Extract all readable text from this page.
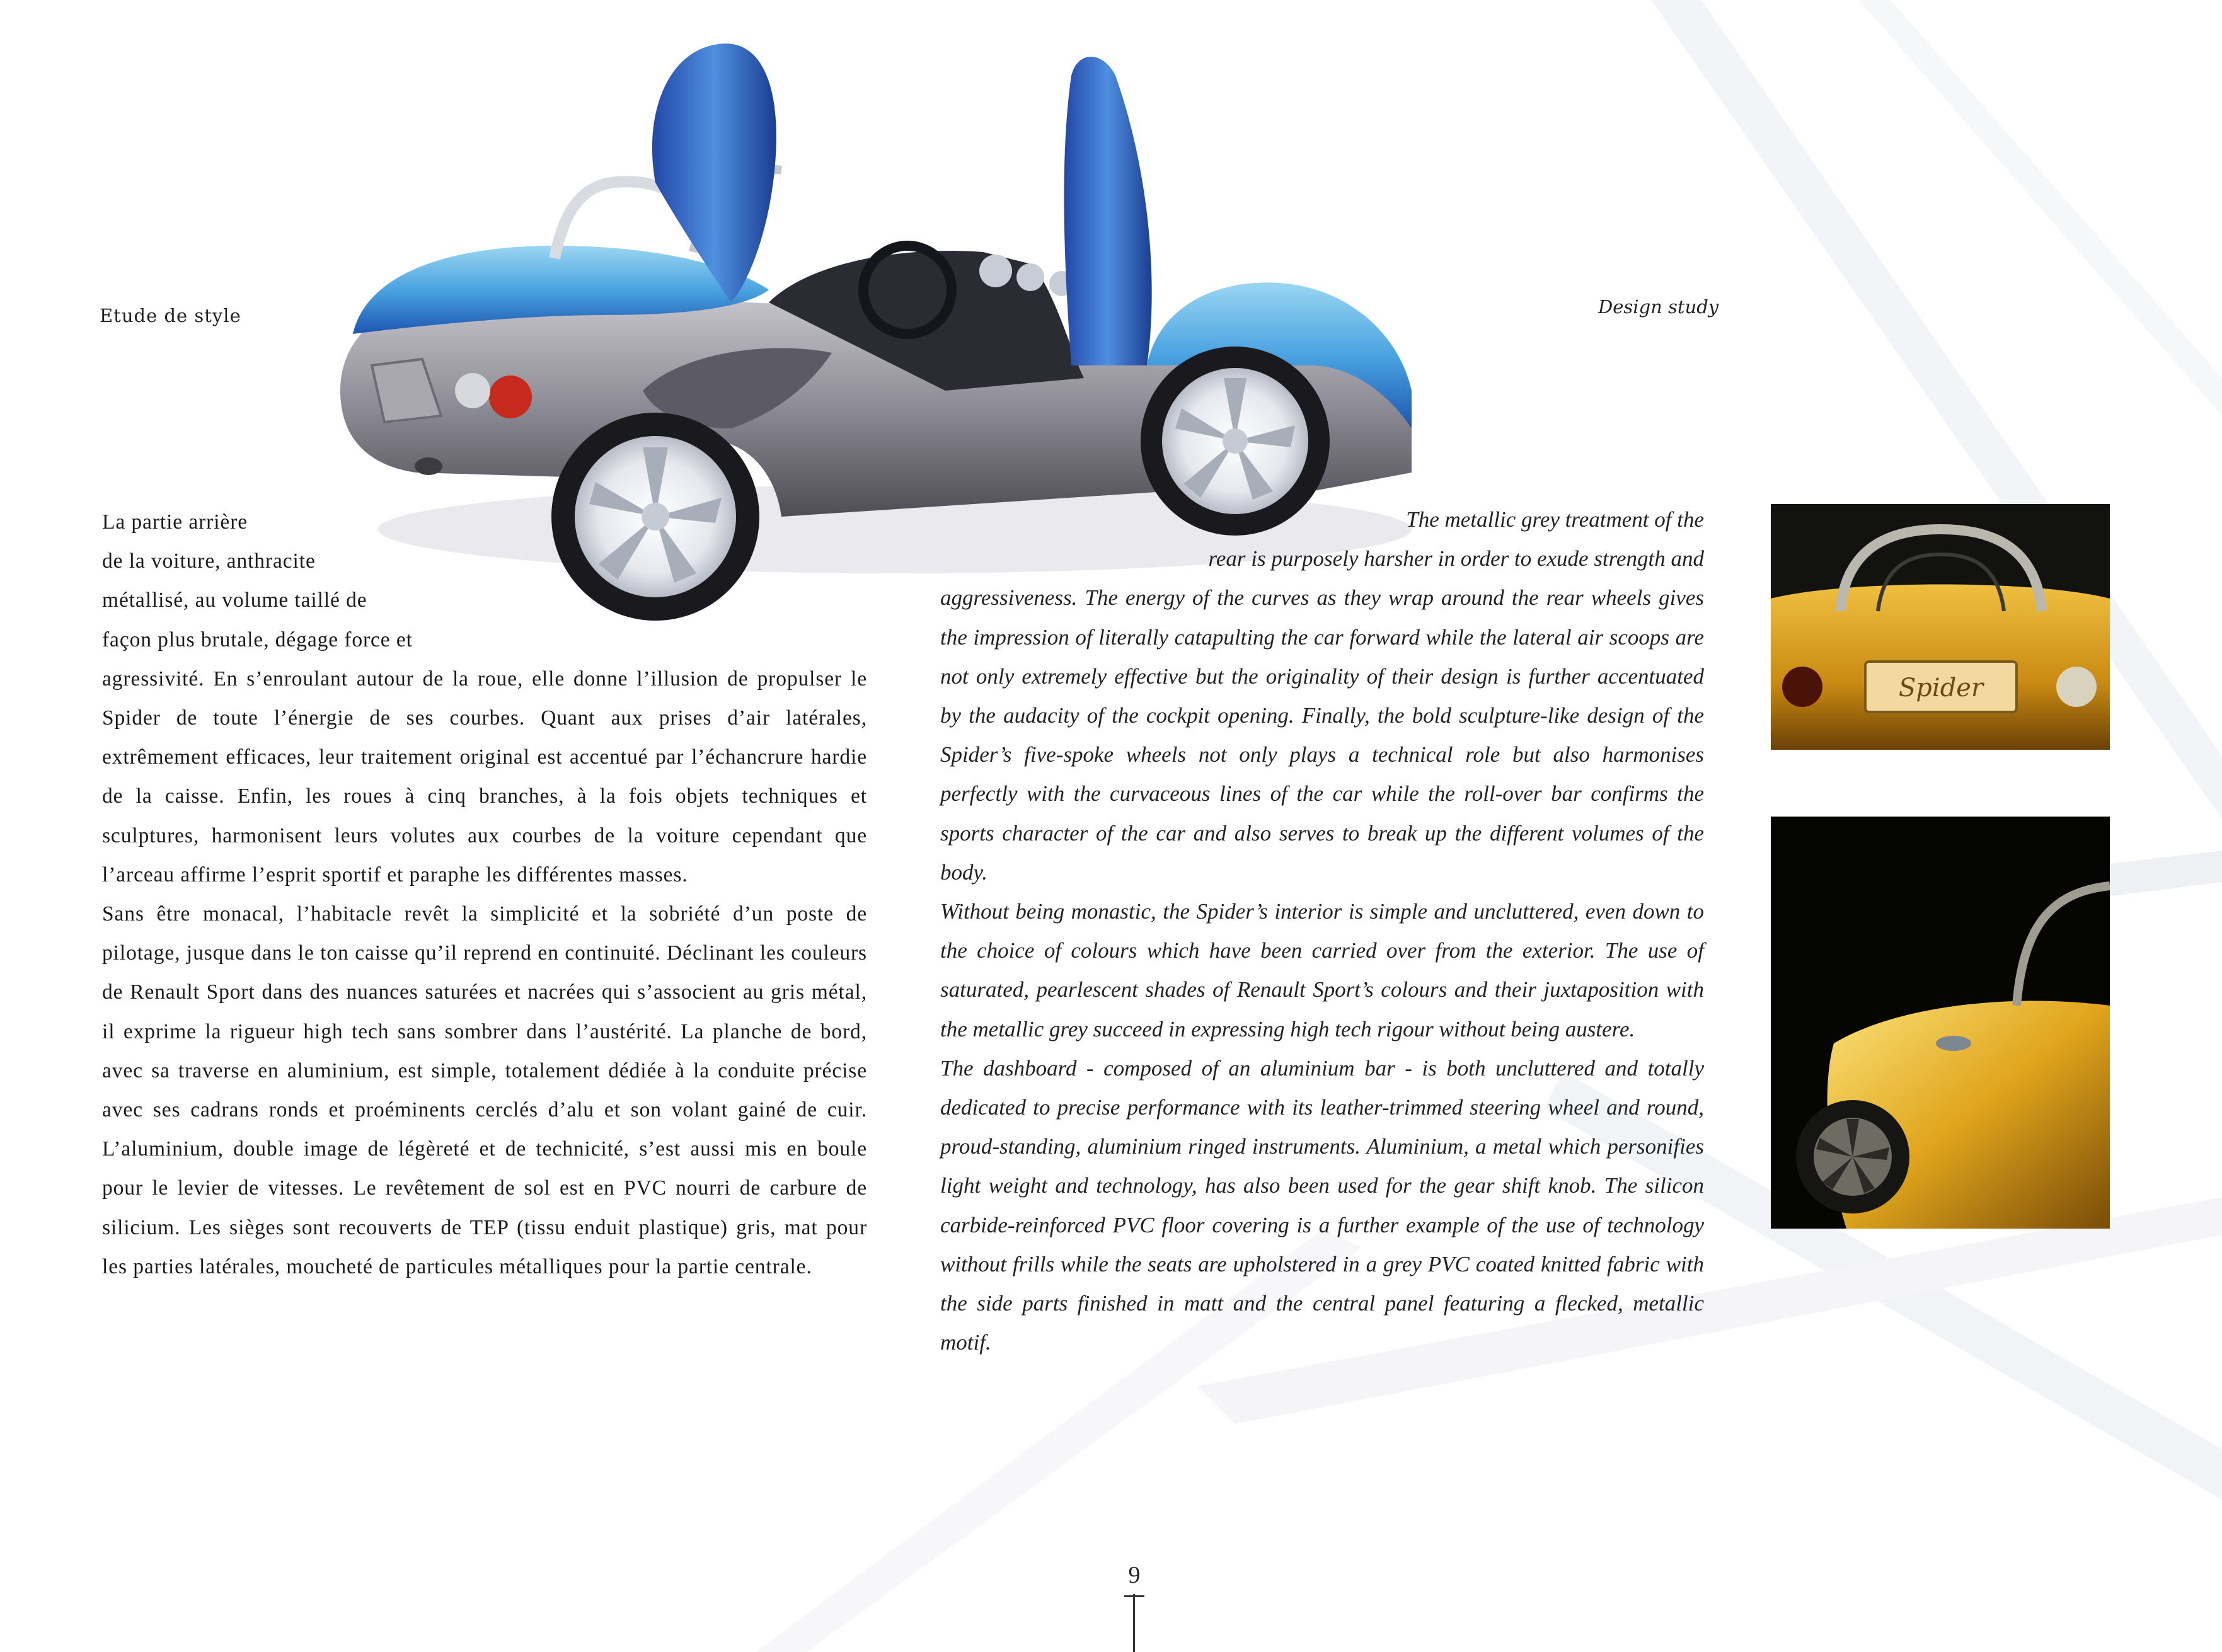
Etude de style	Design study

La partie arrière
de la voiture, anthracite
métallisé, au volume taillé de
façon plus brutale, dégage force et
agressivité. En s’enroulant autour de la roue, elle donne l’illusion de propulser le Spider de toute l’énergie de ses courbes. Quant aux prises d’air latérales, extrêmement efficaces, leur traitement original est accentué par l’échancrure hardie de la caisse. Enfin, les roues à cinq branches, à la fois objets techniques et sculptures, harmonisent leurs volutes aux courbes de la voiture cependant que l’arceau affirme l’esprit sportif et paraphe les différentes masses.

Sans être monacal, l’habitacle revêt la simplicité et la sobriété d’un poste de pilotage, jusque dans le ton caisse qu’il reprend en continuité. Déclinant les couleurs de Renault Sport dans des nuances saturées et nacrées qui s’associent au gris métal, il exprime la rigueur high tech sans sombrer dans l’austérité. La planche de bord, avec sa traverse en aluminium, est simple, totalement dédiée à la conduite précise avec ses cadrans ronds et proéminents cerclés d’alu et son volant gainé de cuir. L’aluminium, double image de légèreté et de technicité, s’est aussi mis en boule pour le levier de vitesses. Le revêtement de sol est en PVC nourri de carbure de silicium. Les sièges sont recouverts de TEP (tissu enduit plastique) gris, mat pour les parties latérales, moucheté de particules métalliques pour la partie centrale.

The metallic grey treatment of the
rear is purposely harsher in order to exude strength and
aggressiveness. The energy of the curves as they wrap around the rear wheels gives the impression of literally catapulting the car forward while the lateral air scoops are not only extremely effective but the originality of their design is further accentuated by the audacity of the cockpit opening. Finally, the bold sculpture-like design of the Spider’s five-spoke wheels not only plays a technical role but also harmonises perfectly with the curvaceous lines of the car while the roll-over bar confirms the sports character of the car and also serves to break up the different volumes of the body.

Without being monastic, the Spider’s interior is simple and uncluttered, even down to the choice of colours which have been carried over from the exterior. The use of saturated, pearlescent shades of Renault Sport’s colours and their juxtaposition with the metallic grey succeed in expressing high tech rigour without being austere.

The dashboard - composed of an aluminium bar - is both uncluttered and totally dedicated to precise performance with its leather-trimmed steering wheel and round, proud-standing, aluminium ringed instruments. Aluminium, a metal which personifies light weight and technology, has also been used for the gear shift knob. The silicon carbide-reinforced PVC floor covering is a further example of the use of technology without frills while the seats are upholstered in a grey PVC coated knitted fabric with the side parts finished in matt and the central panel featuring a flecked, metallic motif.

Spider
9
